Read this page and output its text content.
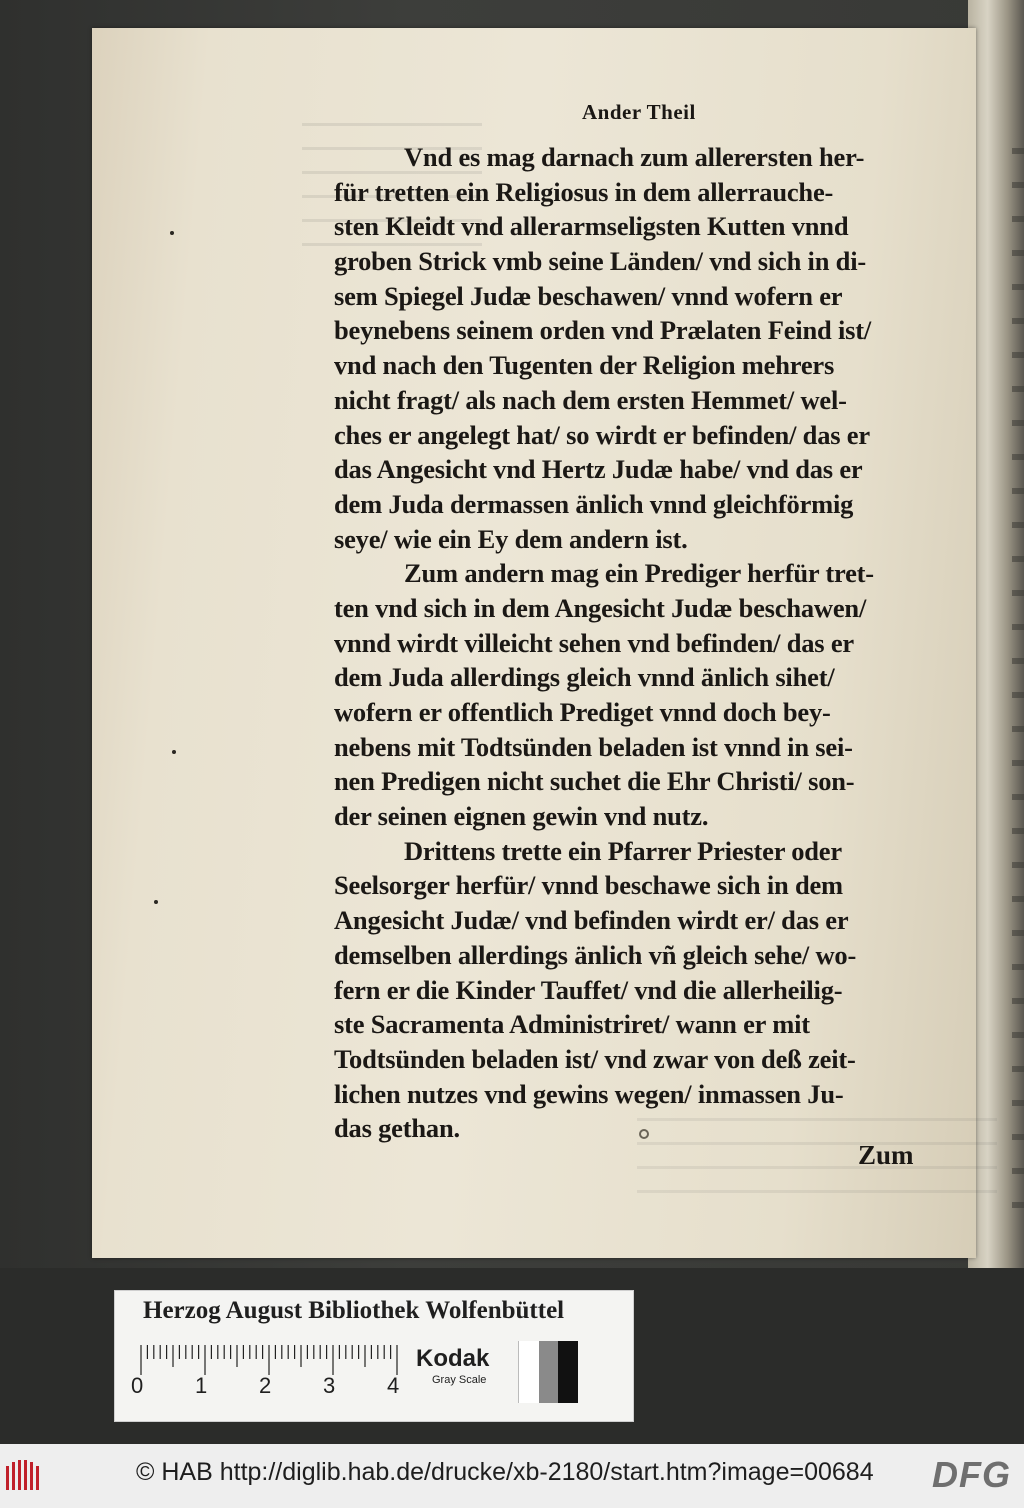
Ander Theil
Vnd es mag darnach zum allerersten her-
für tretten ein Religiosus in dem allerrauche-
sten Kleidt vnd allerarmseligsten Kutten vnnd
groben Strick vmb seine Länden/ vnd sich in di-
sem Spiegel Judæ beschawen/ vnnd wofern er
beynebens seinem orden vnd Prælaten Feind ist/
vnd nach den Tugenten der Religion mehrers
nicht fragt/ als nach dem ersten Hemmet/ wel-
ches er angelegt hat/ so wirdt er befinden/ das er
das Angesicht vnd Hertz Judæ habe/ vnd das er
dem Juda dermassen änlich vnnd gleichförmig
seye/ wie ein Ey dem andern ist.
Zum andern mag ein Prediger herfür tret-
ten vnd sich in dem Angesicht Judæ beschawen/
vnnd wirdt villeicht sehen vnd befinden/ das er
dem Juda allerdings gleich vnnd änlich sihet/
wofern er offentlich Prediget vnnd doch bey-
nebens mit Todtsünden beladen ist vnnd in sei-
nen Predigen nicht suchet die Ehr Christi/ son-
der seinen eignen gewin vnd nutz.
Drittens trette ein Pfarrer Priester oder
Seelsorger herfür/ vnnd beschawe sich in dem
Angesicht Judæ/ vnd befinden wirdt er/ das er
demselben allerdings änlich vñ gleich sehe/ wo-
fern er die Kinder Tauffet/ vnd die allerheilig-
ste Sacramenta Administriret/ wann er mit
Todtsünden beladen ist/ vnd zwar von deß zeit-
lichen nutzes vnd gewins wegen/ inmassen Ju-
das gethan.
Zum
Herzog August Bibliothek Wolfenbüttel
0 1 2 3 4
Kodak
Gray Scale
© HAB http://diglib.hab.de/drucke/xb-2180/start.htm?image=00684 DFG
